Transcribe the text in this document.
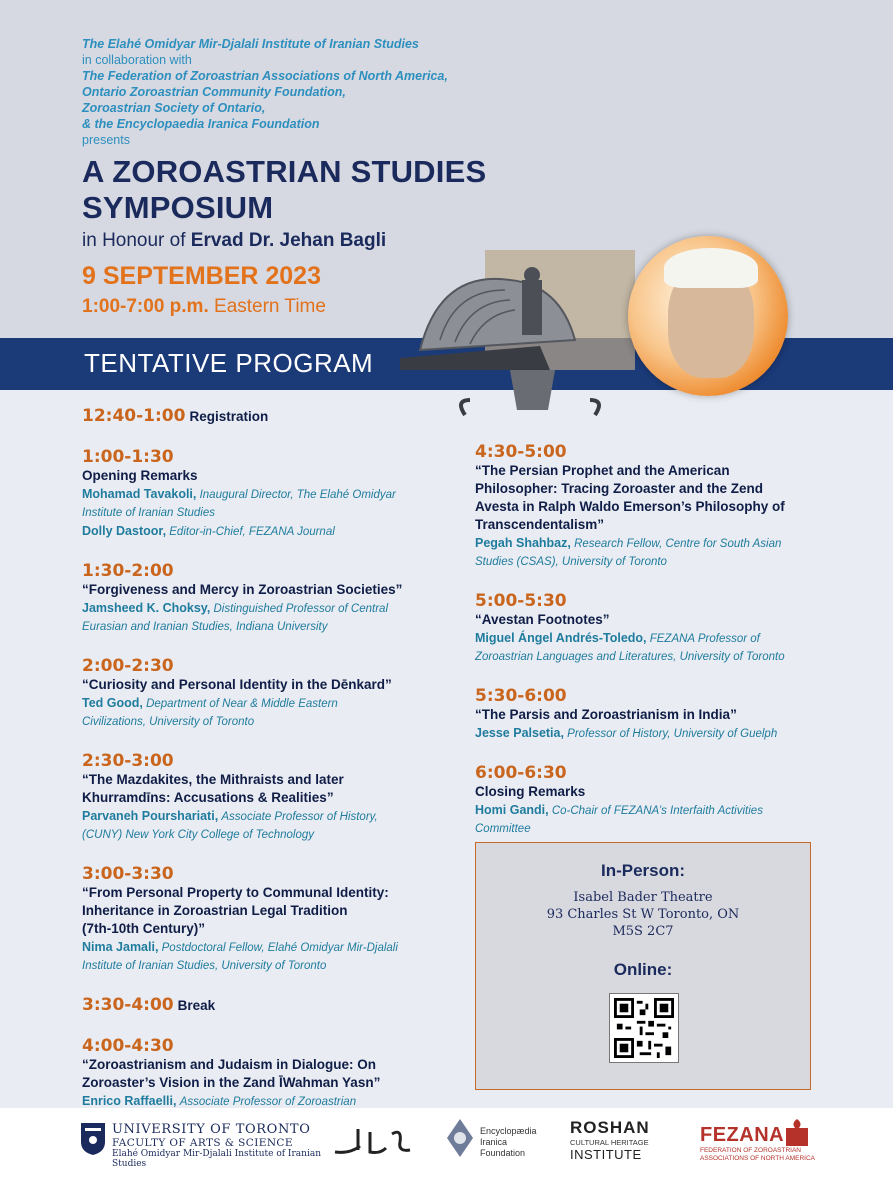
The Elahé Omidyar Mir-Djalali Institute of Iranian Studies
in collaboration with
The Federation of Zoroastrian Associations of North America,
Ontario Zoroastrian Community Foundation,
Zoroastrian Society of Ontario,
& the Encyclopaedia Iranica Foundation
presents
A ZOROASTRIAN STUDIES
SYMPOSIUM
in Honour of Ervad Dr. Jehan Bagli
9 SEPTEMBER 2023
1:00-7:00 p.m. Eastern Time
TENTATIVE PROGRAM
12:40-1:00 Registration
1:00-1:30
Opening Remarks
Mohamad Tavakoli, Inaugural Director, The Elahé Omidyar
Institute of Iranian Studies
Dolly Dastoor, Editor-in-Chief, FEZANA Journal
1:30-2:00
“Forgiveness and Mercy in Zoroastrian Societies”
Jamsheed K. Choksy, Distinguished Professor of Central
Eurasian and Iranian Studies, Indiana University
2:00-2:30
“Curiosity and Personal Identity in the Dēnkard”
Ted Good, Department of Near & Middle Eastern
Civilizations, University of Toronto
2:30-3:00
“The Mazdakites, the Mithraists and later
Khurramdīns: Accusations & Realities”
Parvaneh Pourshariati, Associate Professor of History,
(CUNY) New York City College of Technology
3:00-3:30
“From Personal Property to Communal Identity:
Inheritance in Zoroastrian Legal Tradition
(7th-10th Century)”
Nima Jamali, Postdoctoral Fellow, Elahé Omidyar Mir-Djalali
Institute of Iranian Studies, University of Toronto
3:30-4:00 Break
4:00-4:30
“Zoroastrianism and Judaism in Dialogue: On
Zoroaster’s Vision in the Zand ῙWahman Yasn”
Enrico Raffaelli, Associate Professor of Zoroastrian
4:30-5:00
“The Persian Prophet and the American
Philosopher: Tracing Zoroaster and the Zend
Avesta in Ralph Waldo Emerson’s Philosophy of
Transcendentalism”
Pegah Shahbaz, Research Fellow, Centre for South Asian
Studies (CSAS), University of Toronto
5:00-5:30
“Avestan Footnotes”
Miguel Ángel Andrés-Toledo, FEZANA Professor of
Zoroastrian Languages and Literatures, University of Toronto
5:30-6:00
“The Parsis and Zoroastrianism in India”
Jesse Palsetia, Professor of History, University of Guelph
6:00-6:30
Closing Remarks
Homi Gandi, Co-Chair of FEZANA’s Interfaith Activities
Committee
In-Person:
Isabel Bader Theatre
93 Charles St W Toronto, ON
M5S 2C7
Online:
UNIVERSITY OF TORONTO
FACULTY OF ARTS & SCIENCE
Elahé Omidyar Mir-Djalali Institute of Iranian Studies
Encyclopædia
Iranica
Foundation
ROSHAN
CULTURAL HERITAGE
INSTITUTE
FEZANA
FEDERATION OF ZOROASTRIAN
ASSOCIATIONS OF NORTH AMERICA
